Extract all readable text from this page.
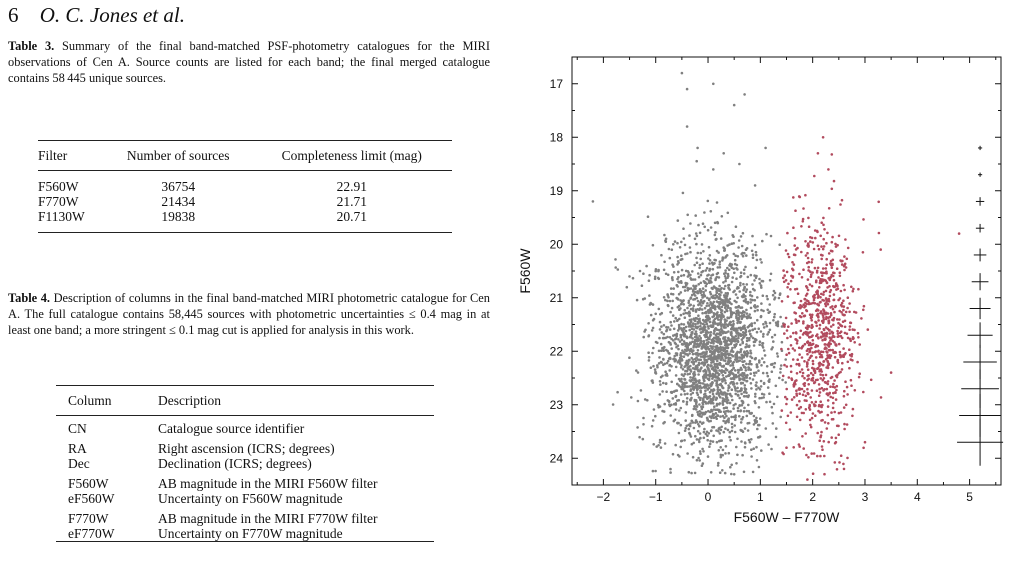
6 O. C. Jones et al.

Table 3. Summary of the final band-matched PSF-photometry catalogues for the MIRI observations of Cen A. Source counts are listed for each band; the final merged catalogue contains 58 445 unique sources.

Filter	Number of sources	Completeness limit (mag)
F560W	36754	22.91
F770W	21434	21.71
F1130W	19838	20.71

Table 4. Description of columns in the final band-matched MIRI photometric catalogue for Cen A. The full catalogue contains 58,445 sources with photometric uncertainties ≤ 0.4 mag in at least one band; a more stringent ≤ 0.1 mag cut is applied for analysis in this work.

Column	Description
CN	Catalogue source identifier
RA	Right ascension (ICRS; degrees)
Dec	Declination (ICRS; degrees)
F560W	AB magnitude in the MIRI F560W filter
eF560W	Uncertainty on F560W magnitude
F770W	AB magnitude in the MIRI F770W filter
eF770W	Uncertainty on F770W magnitude
−2	−1	0	1	2	3	4	5
17
18
19
20
21
22
23
24
F560W – F770W
F560W
